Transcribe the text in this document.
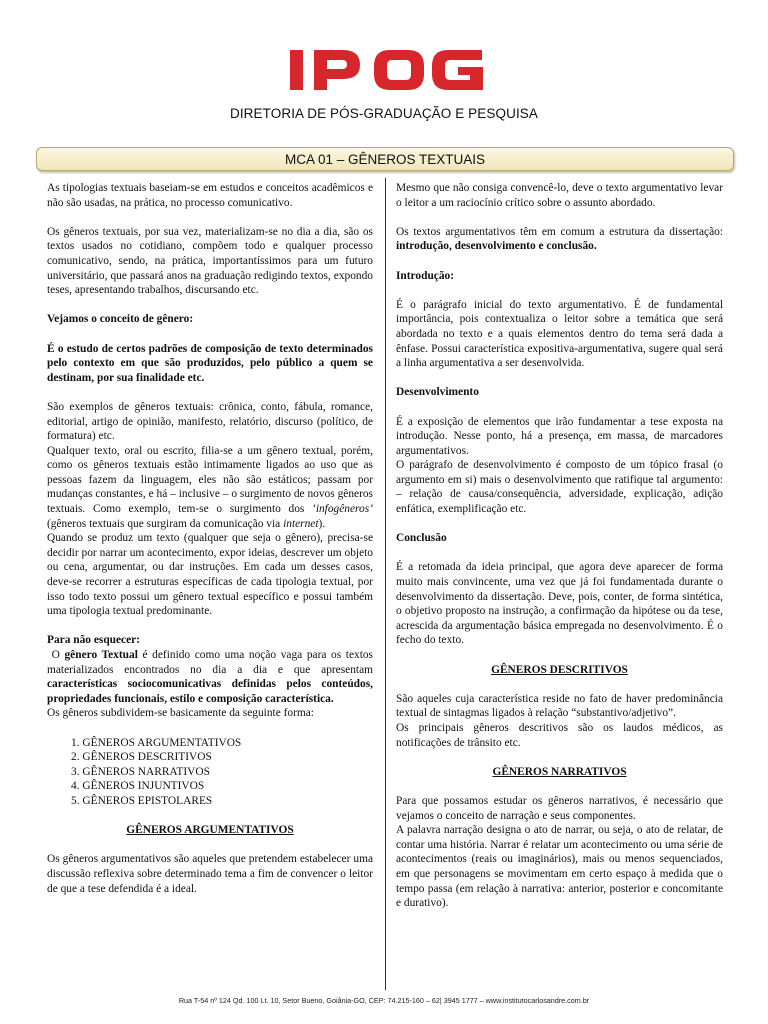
DIRETORIA DE PÓS-GRADUAÇÃO E PESQUISA
MCA 01 – GÊNEROS TEXTUAIS

As tipologias textuais baseiam-se em estudos e conceitos acadêmicos e não são usadas, na prática, no processo comunicativo.

Os gêneros textuais, por sua vez, materializam-se no dia a dia, são os textos usados no cotidiano, compõem todo e qualquer processo comunicativo, sendo, na prática, importantíssimos para um futuro universitário, que passará anos na graduação redigindo textos, expondo teses, apresentando trabalhos, discursando etc.

Vejamos o conceito de gênero:

É o estudo de certos padrões de composição de texto determinados pelo contexto em que são produzidos, pelo público a quem se destinam, por sua finalidade etc.

São exemplos de gêneros textuais: crônica, conto, fábula, romance, editorial, artigo de opinião, manifesto, relatório, discurso (político, de formatura) etc.

Qualquer texto, oral ou escrito, filia-se a um gênero textual, porém, como os gêneros textuais estão intimamente ligados ao uso que as pessoas fazem da linguagem, eles não são estáticos; passam por mudanças constantes, e há – inclusive – o surgimento de novos gêneros textuais. Como exemplo, tem-se o surgimento dos ‘infogêneros’ (gêneros textuais que surgiram da comunicação via internet).

Quando se produz um texto (qualquer que seja o gênero), precisa-se decidir por narrar um acontecimento, expor ideias, descrever um objeto ou cena, argumentar, ou dar instruções. Em cada um desses casos, deve-se recorrer a estruturas específicas de cada tipologia textual, por isso todo texto possui um gênero textual específico e possui também uma tipologia textual predominante.

Para não esquecer:

O gênero Textual é definido como uma noção vaga para os textos materializados encontrados no dia a dia e que apresentam características sociocomunicativas definidas pelos conteúdos, propriedades funcionais, estilo e composição característica.

Os gêneros subdividem-se basicamente da seguinte forma:

1. GÊNEROS ARGUMENTATIVOS
2. GÊNEROS DESCRITIVOS
3. GÊNEROS NARRATIVOS
4. GÊNEROS INJUNTIVOS
5. GÊNEROS EPISTOLARES

GÊNEROS ARGUMENTATIVOS

Os gêneros argumentativos são aqueles que pretendem estabelecer uma discussão reflexiva sobre determinado tema a fim de convencer o leitor de que a tese defendida é a ideal.

Mesmo que não consiga convencê-lo, deve o texto argumentativo levar o leitor a um raciocínio crítico sobre o assunto abordado.

Os textos argumentativos têm em comum a estrutura da dissertação: introdução, desenvolvimento e conclusão.

Introdução:

É o parágrafo inicial do texto argumentativo. É de fundamental importância, pois contextualiza o leitor sobre a temática que será abordada no texto e a quais elementos dentro do tema será dada a ênfase. Possui característica expositiva-argumentativa, sugere qual será a linha argumentativa a ser desenvolvida.

Desenvolvimento

É a exposição de elementos que irão fundamentar a tese exposta na introdução. Nesse ponto, há a presença, em massa, de marcadores argumentativos.

O parágrafo de desenvolvimento é composto de um tópico frasal (o argumento em si) mais o desenvolvimento que ratifique tal argumento: – relação de causa/consequência, adversidade, explicação, adição enfática, exemplificação etc.

Conclusão

É a retomada da ideia principal, que agora deve aparecer de forma muito mais convincente, uma vez que já foi fundamentada durante o desenvolvimento da dissertação. Deve, pois, conter, de forma sintética, o objetivo proposto na instrução, a confirmação da hipótese ou da tese, acrescida da argumentação básica empregada no desenvolvimento. É o fecho do texto.

GÊNEROS DESCRITIVOS

São aqueles cuja característica reside no fato de haver predominância textual de sintagmas ligados à relação “substantivo/adjetivo”.

Os principais gêneros descritivos são os laudos médicos, as notificações de trânsito etc.

GÊNEROS NARRATIVOS

Para que possamos estudar os gêneros narrativos, é necessário que vejamos o conceito de narração e seus componentes.

A palavra narração designa o ato de narrar, ou seja, o ato de relatar, de contar uma história. Narrar é relatar um acontecimento ou uma série de acontecimentos (reais ou imaginários), mais ou menos sequenciados, em que personagens se movimentam em certo espaço à medida que o tempo passa (em relação à narrativa: anterior, posterior e concomitante e durativo).

Rua T-54 nº 124 Qd. 100 Lt. 10, Setor Bueno, Goiânia-GO, CEP: 74.215-160 – 62| 3945 1777 – www.institutocarlosandre.com.br
